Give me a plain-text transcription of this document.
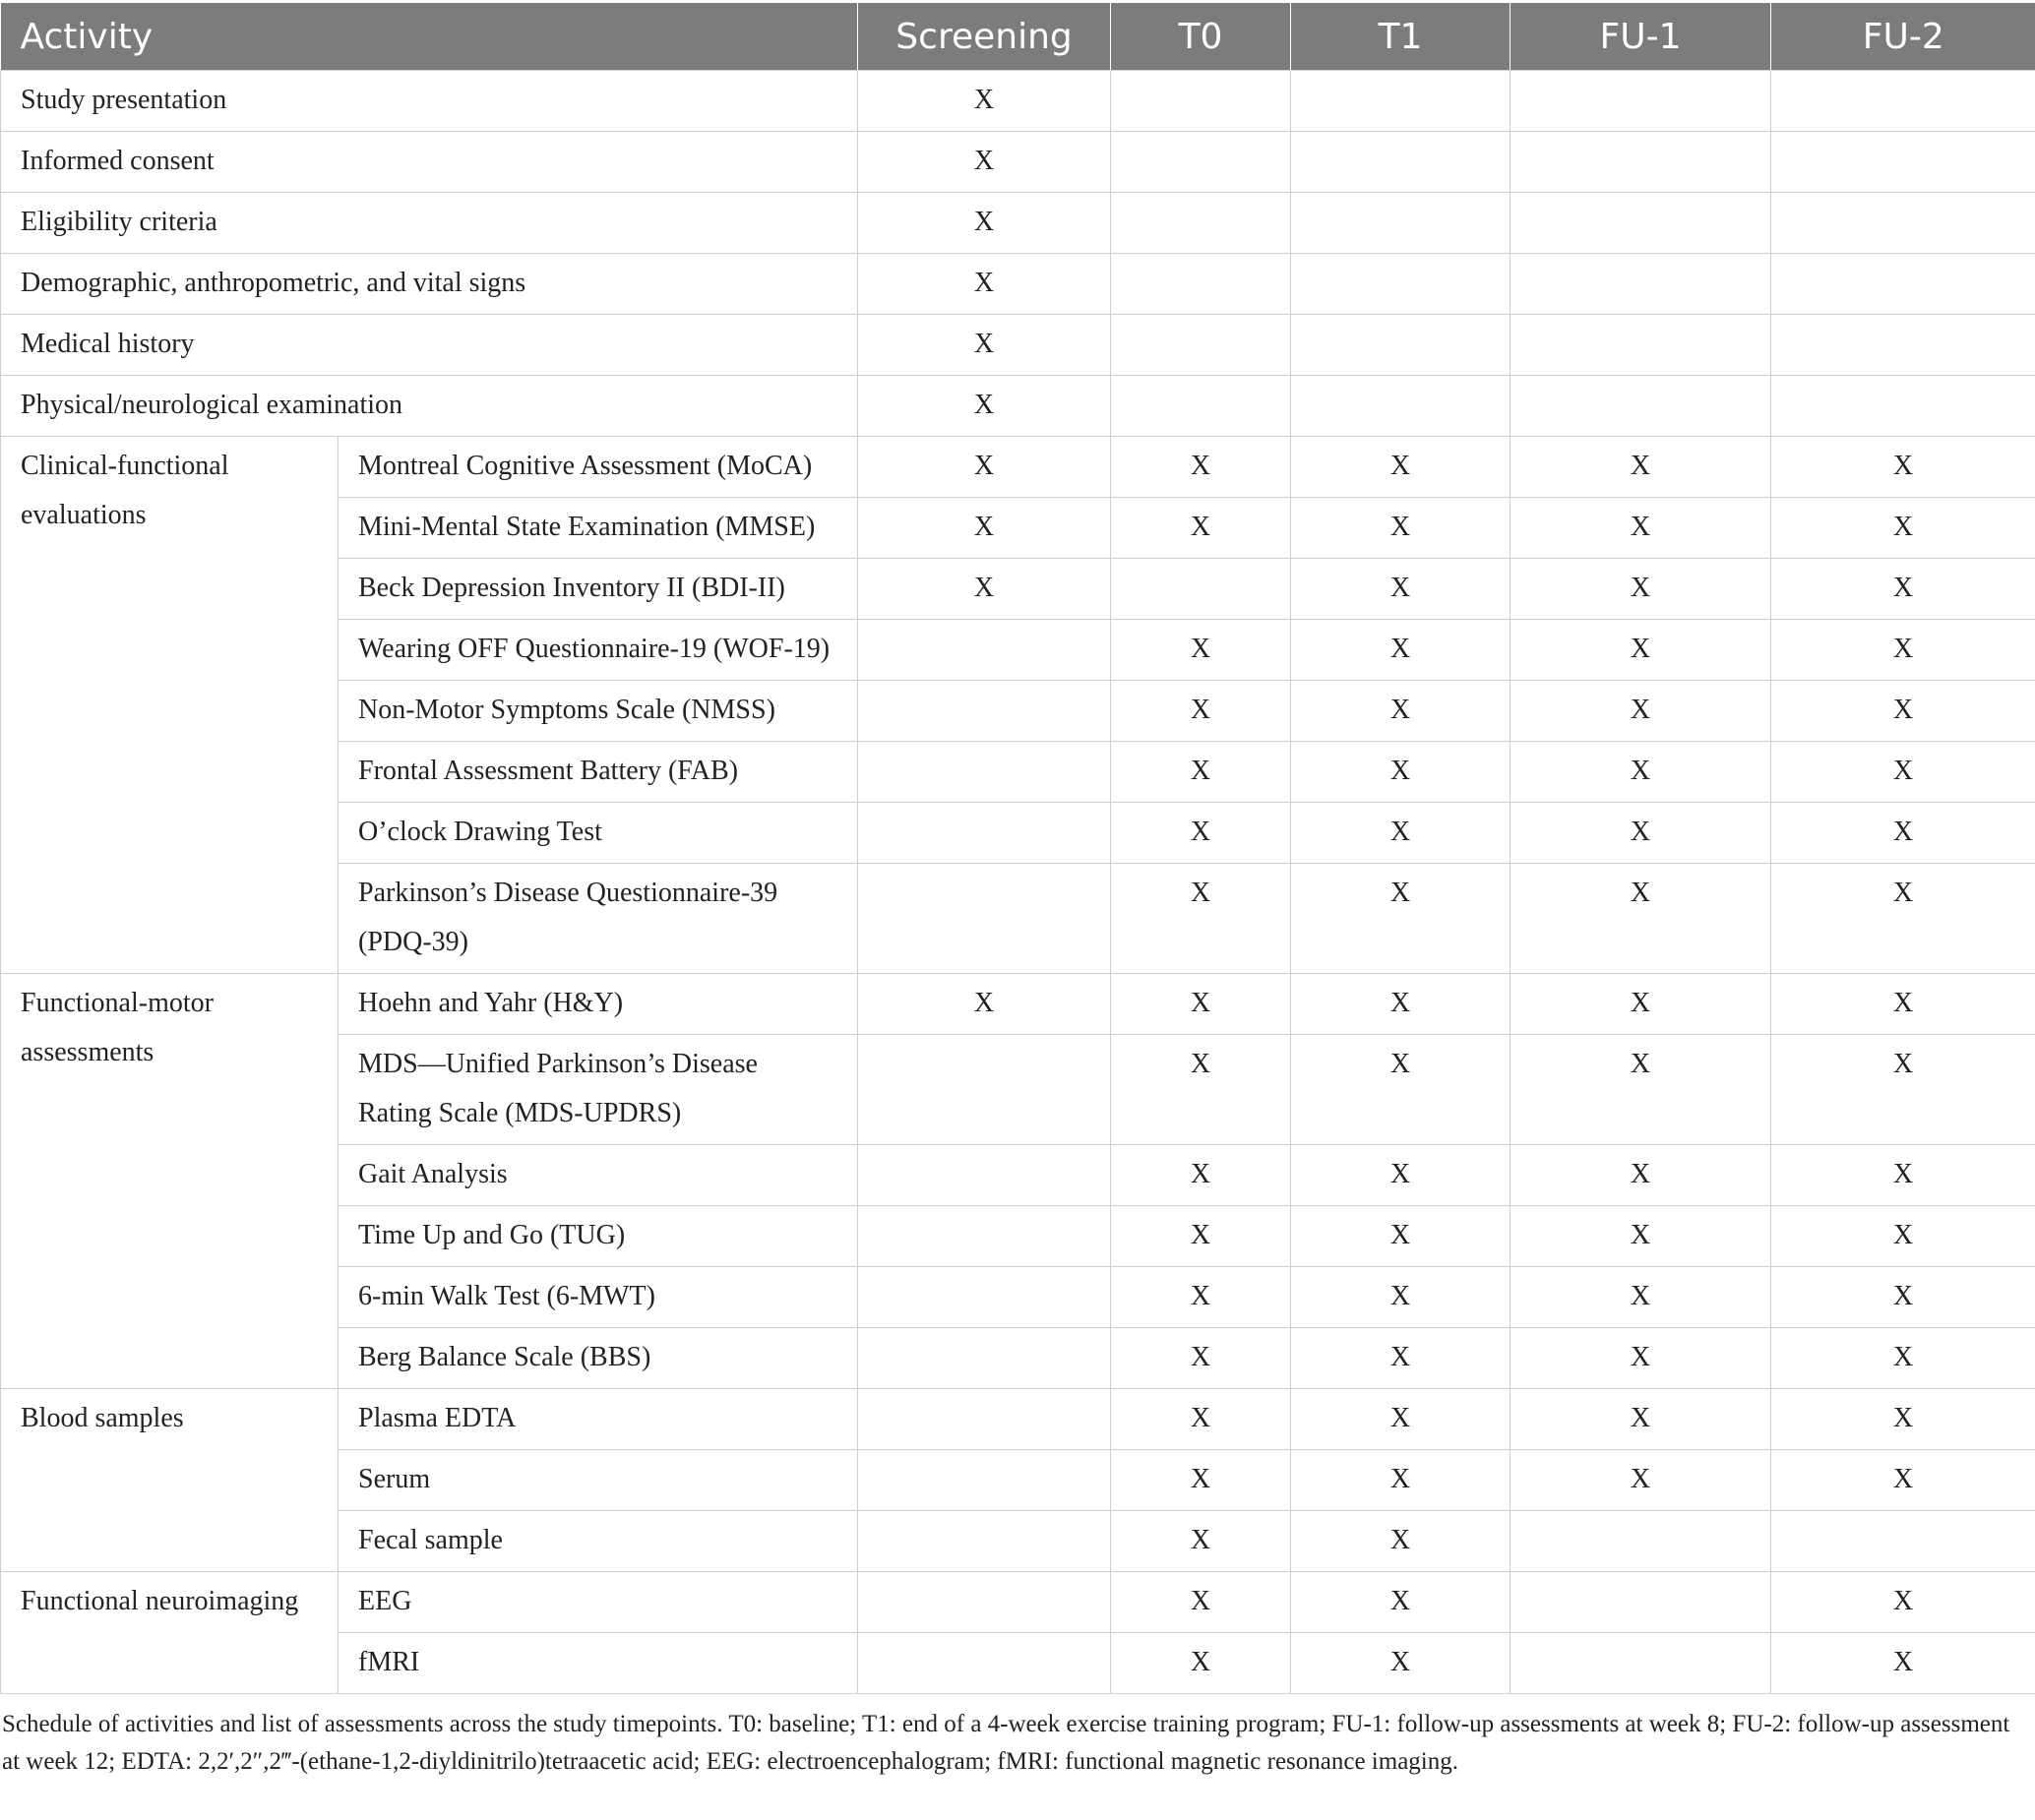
Activity		Screening	T0	T1	FU-1	FU-2
Study presentation		X				
Informed consent		X				
Eligibility criteria		X				
Demographic, anthropometric, and vital signs		X				
Medical history		X				
Physical/neurological examination		X				
Clinical-functional evaluations	Montreal Cognitive Assessment (MoCA)	X	X	X	X	X
	Mini-Mental State Examination (MMSE)	X	X	X	X	X
	Beck Depression Inventory II (BDI-II)	X		X	X	X
	Wearing OFF Questionnaire-19 (WOF-19)		X	X	X	X
	Non-Motor Symptoms Scale (NMSS)		X	X	X	X
	Frontal Assessment Battery (FAB)		X	X	X	X
	O’clock Drawing Test		X	X	X	X
	Parkinson’s Disease Questionnaire-39 (PDQ-39)		X	X	X	X
Functional-motor assessments	Hoehn and Yahr (H&Y)	X	X	X	X	X
	MDS—Unified Parkinson’s Disease Rating Scale (MDS-UPDRS)		X	X	X	X
	Gait Analysis		X	X	X	X
	Time Up and Go (TUG)		X	X	X	X
	6-min Walk Test (6-MWT)		X	X	X	X
	Berg Balance Scale (BBS)		X	X	X	X
Blood samples	Plasma EDTA		X	X	X	X
	Serum		X	X	X	X
	Fecal sample		X	X		
Functional neuroimaging	EEG		X	X		X
	fMRI		X	X		X
Schedule of activities and list of assessments across the study timepoints. T0: baseline; T1: end of a 4-week exercise training program; FU-1: follow-up assessments at week 8; FU-2: follow-up assessment at week 12; EDTA: 2,2′,2″,2‴-(ethane-1,2-diyldinitrilo)tetraacetic acid; EEG: electroencephalogram; fMRI: functional magnetic resonance imaging.
